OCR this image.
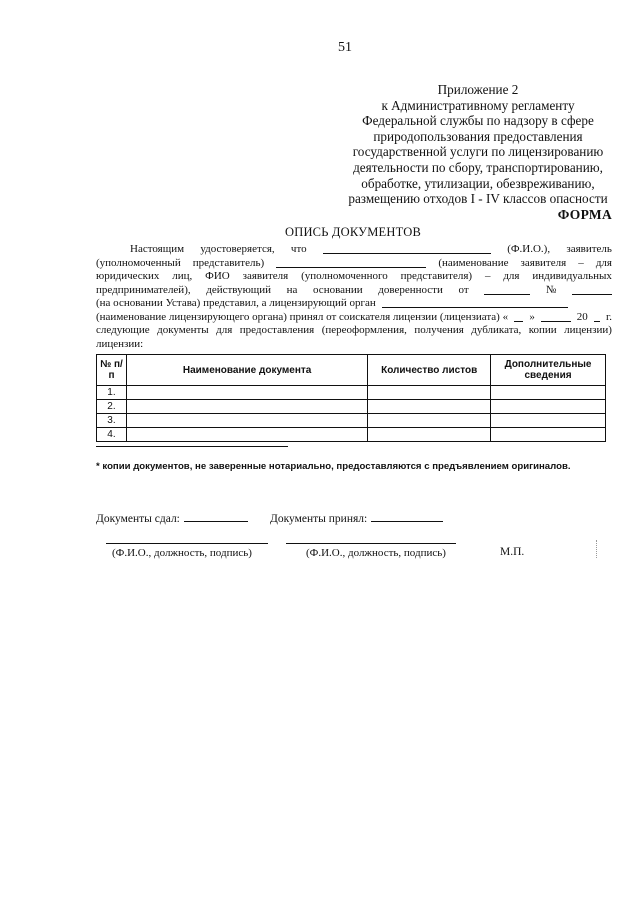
51
Приложение 2
к Административному регламенту
Федеральной службы по надзору в сфере
природопользования предоставления
государственной услуги по лицензированию
деятельности по сбору, транспортированию,
обработке, утилизации, обезвреживанию,
размещению отходов I - IV классов опасности
ФОРМА
ОПИСЬ ДОКУМЕНТОВ
Настоящим удостоверяется, что	(Ф.И.О.), заявитель
(уполномоченный представитель)	(наименование заявителя – для
юридических лиц, ФИО заявителя (уполномоченного представителя) – для индивидуальных
предпринимателей), действующий на основании доверенности от	№
(на основании Устава) представил, а лицензирующий орган
(наименование лицензирующего органа) принял от соискателя лицензии (лицензиата) « »	20 г.
следующие документы для предоставления (переоформления, получения дубликата, копии лицензии)
лицензии:
№ п/п	Наименование документа	Количество листов	Дополнительные сведения
1.			
2.			
3.			
4.			
* копии документов, не заверенные нотариально, предоставляются с предъявлением оригиналов.
Документы сдал:	Документы принял:
(Ф.И.О., должность, подпись)	(Ф.И.О., должность, подпись)	М.П.
